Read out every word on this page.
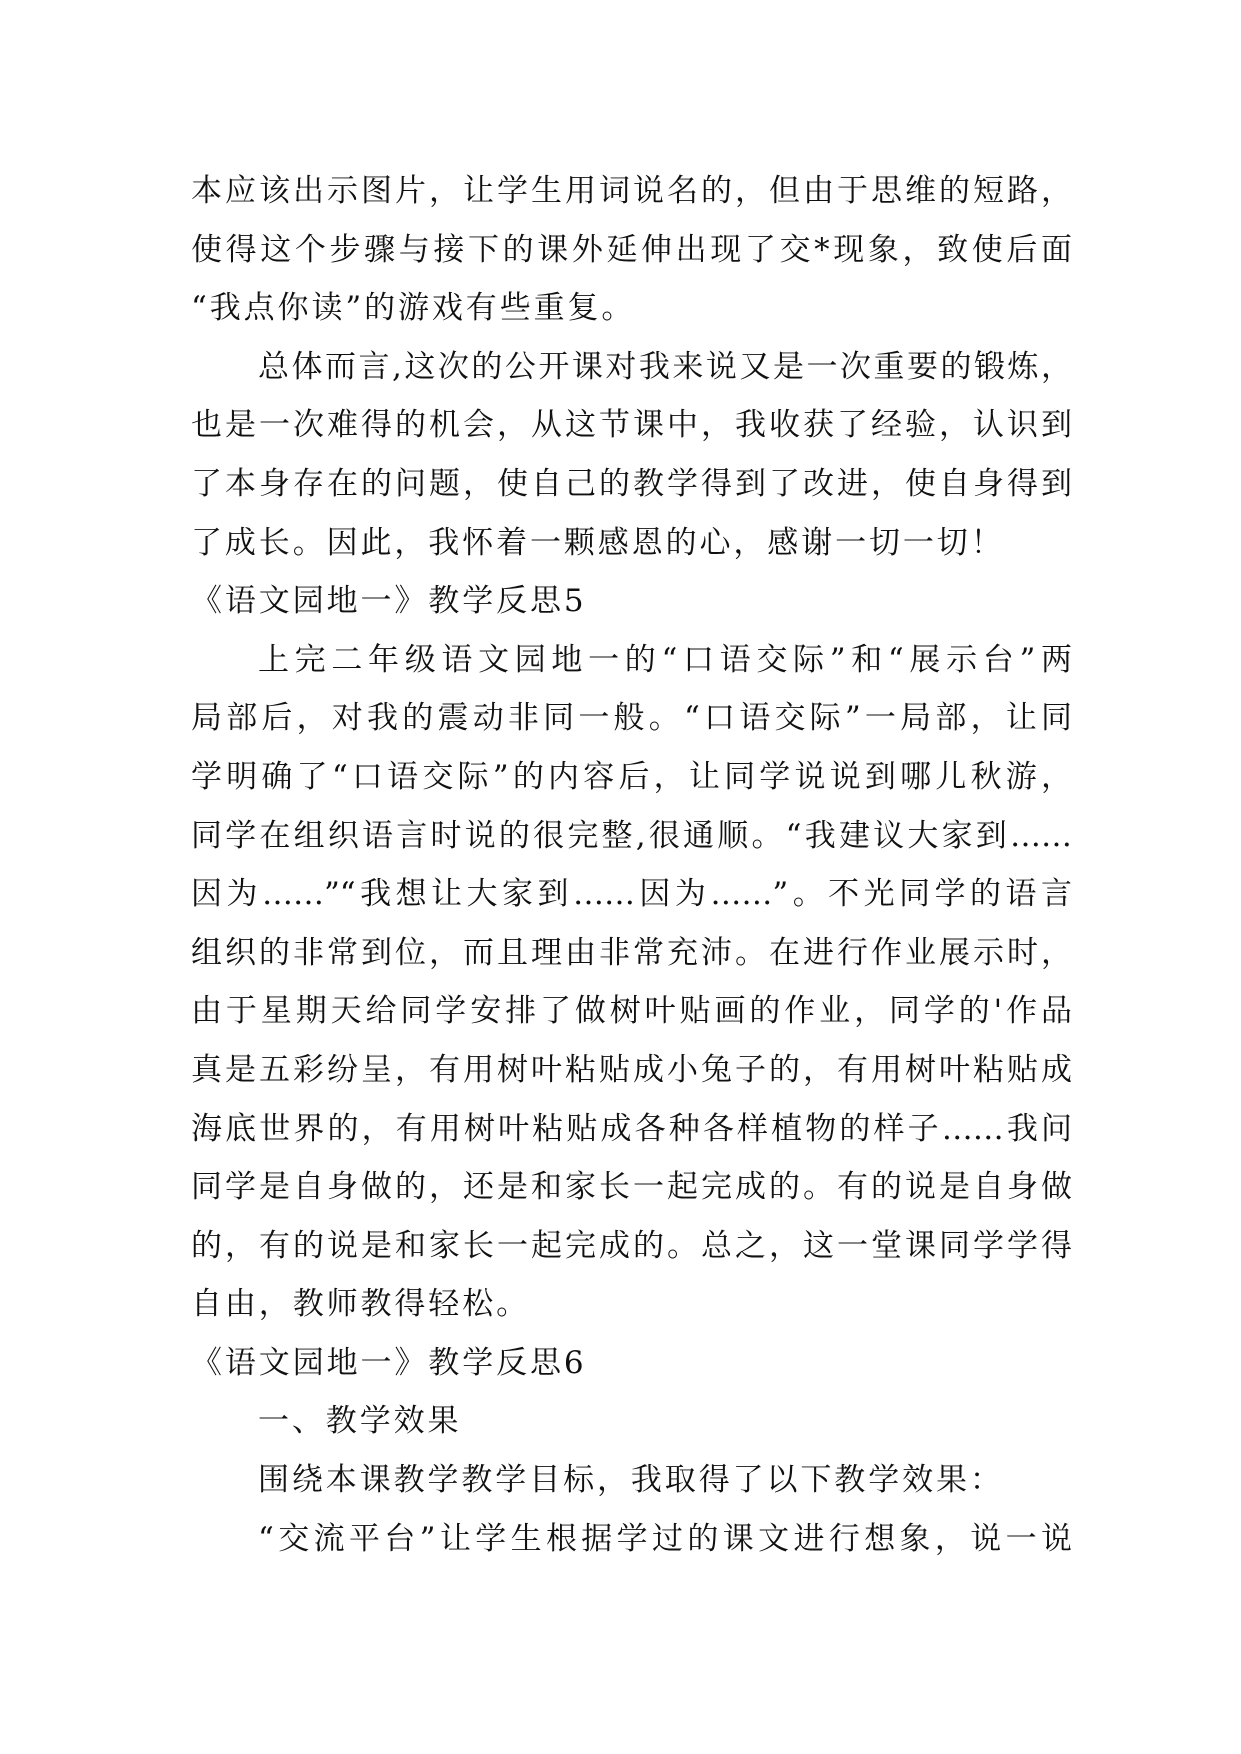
本应该出示图片，让学生用词说名的，但由于思维的短路，
使得这个步骤与接下的课外延伸出现了交*现象，致使后面
“我点你读”的游戏有些重复。
总体而言,这次的公开课对我来说又是一次重要的锻炼，
也是一次难得的机会，从这节课中，我收获了经验，认识到
了本身存在的问题，使自己的教学得到了改进，使自身得到
了成长。因此，我怀着一颗感恩的心，感谢一切一切！
《语文园地一》教学反思5
上完二年级语文园地一的“口语交际”和“展示台”两
局部后，对我的震动非同一般。“口语交际”一局部，让同
学明确了“口语交际”的内容后，让同学说说到哪儿秋游，
同学在组织语言时说的很完整,很通顺。“我建议大家到……
因为……”“我想让大家到……因为……”。不光同学的语言
组织的非常到位，而且理由非常充沛。在进行作业展示时，
由于星期天给同学安排了做树叶贴画的作业，同学的'作品
真是五彩纷呈，有用树叶粘贴成小兔子的，有用树叶粘贴成
海底世界的，有用树叶粘贴成各种各样植物的样子……我问
同学是自身做的，还是和家长一起完成的。有的说是自身做
的，有的说是和家长一起完成的。总之，这一堂课同学学得
自由，教师教得轻松。
《语文园地一》教学反思6
一、教学效果
围绕本课教学教学目标，我取得了以下教学效果：
“交流平台”让学生根据学过的课文进行想象，说一说
